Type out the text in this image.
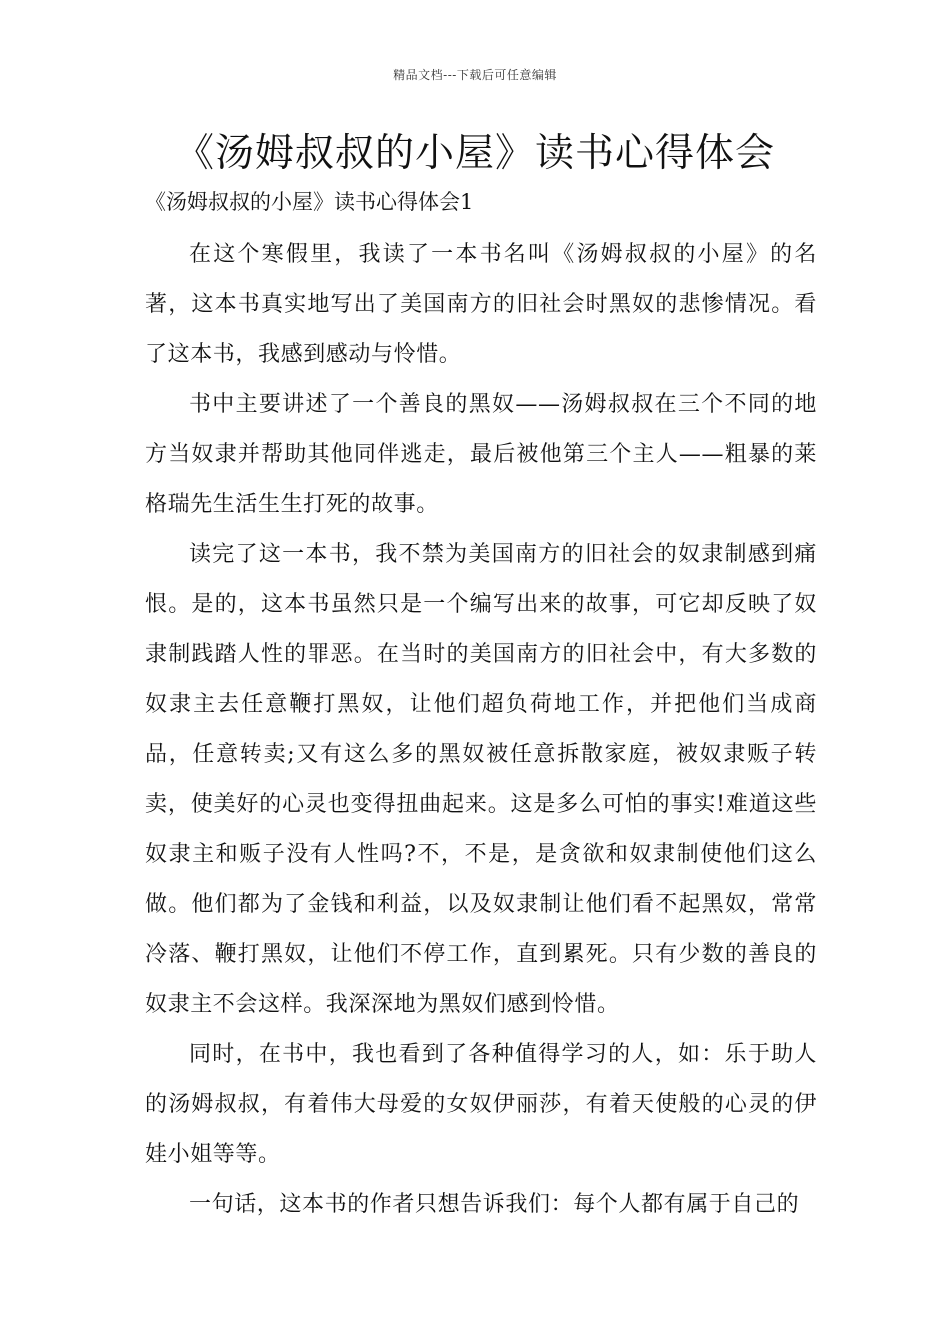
精品文档---下载后可任意编辑
《汤姆叔叔的小屋》读书心得体会
《汤姆叔叔的小屋》读书心得体会1

在这个寒假里，我读了一本书名叫《汤姆叔叔的小屋》的名著，这本书真实地写出了美国南方的旧社会时黑奴的悲惨情况。看了这本书，我感到感动与怜惜。

书中主要讲述了一个善良的黑奴——汤姆叔叔在三个不同的地方当奴隶并帮助其他同伴逃走，最后被他第三个主人——粗暴的莱格瑞先生活生生打死的故事。

读完了这一本书，我不禁为美国南方的旧社会的奴隶制感到痛恨。是的，这本书虽然只是一个编写出来的故事，可它却反映了奴隶制践踏人性的罪恶。在当时的美国南方的旧社会中，有大多数的奴隶主去任意鞭打黑奴，让他们超负荷地工作，并把他们当成商品，任意转卖;又有这么多的黑奴被任意拆散家庭，被奴隶贩子转卖，使美好的心灵也变得扭曲起来。这是多么可怕的事实!难道这些奴隶主和贩子没有人性吗?不，不是，是贪欲和奴隶制使他们这么做。他们都为了金钱和利益，以及奴隶制让他们看不起黑奴，常常冷落、鞭打黑奴，让他们不停工作，直到累死。只有少数的善良的奴隶主不会这样。我深深地为黑奴们感到怜惜。

同时，在书中，我也看到了各种值得学习的人，如：乐于助人的汤姆叔叔，有着伟大母爱的女奴伊丽莎，有着天使般的心灵的伊娃小姐等等。

一句话，这本书的作者只想告诉我们：每个人都有属于自己的
